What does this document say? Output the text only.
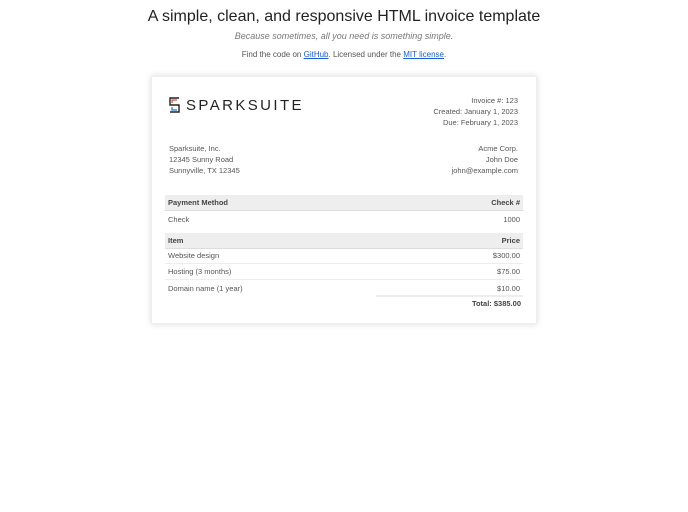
A simple, clean, and responsive HTML invoice template
Because sometimes, all you need is something simple.
Find the code on GitHub. Licensed under the MIT license.
SPARKSUITE	Invoice #: 123
Created: January 1, 2023
Due: February 1, 2023
Sparksuite, Inc.
12345 Sunny Road
Sunnyville, TX 12345
Acme Corp.
John Doe
john@example.com
Payment Method	Check #
Check	1000
Item	Price
Website design	$300.00
Hosting (3 months)	$75.00
Domain name (1 year)	$10.00
Total: $385.00
